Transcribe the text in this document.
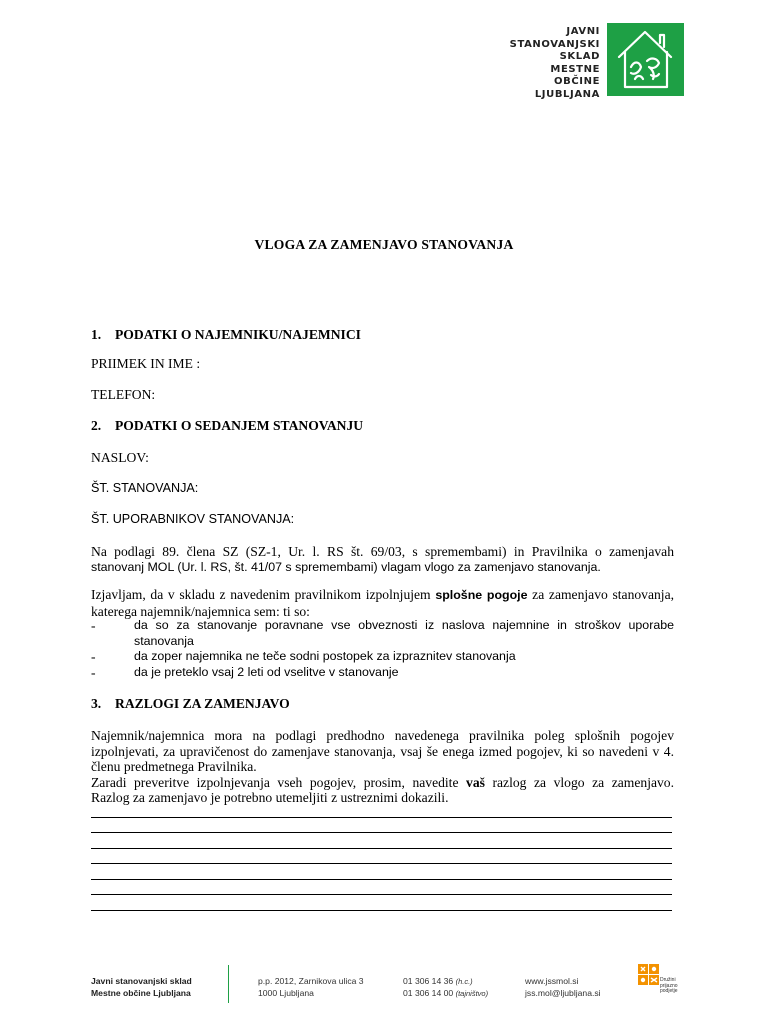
JAVNI
STANOVANJSKI
SKLAD
MESTNE
OBČINE
LJUBLJANA
VLOGA ZA ZAMENJAVO STANOVANJA
1. PODATKI O NAJEMNIKU/NAJEMNICI
PRIIMEK IN IME :
TELEFON:
2. PODATKI O SEDANJEM STANOVANJU
NASLOV:
ŠT. STANOVANJA:
ŠT. UPORABNIKOV STANOVANJA:
Na podlagi 89. člena SZ (SZ-1, Ur. l. RS št. 69/03, s spremembami) in Pravilnika o zamenjavah
stanovanj MOL (Ur. l. RS, št. 41/07 s spremembami) vlagam vlogo za zamenjavo stanovanja.
Izjavljam, da v skladu z navedenim pravilnikom izpolnjujem splošne pogoje za zamenjavo stanovanja,
katerega najemnik/najemnica sem: ti so:
-	da so za stanovanje poravnane vse obveznosti iz naslova najemnine in stroškov uporabe stanovanja
-	da zoper najemnika ne teče sodni postopek za izpraznitev stanovanja
-	da je preteklo vsaj 2 leti od vselitve v stanovanje
3. RAZLOGI ZA ZAMENJAVO
Najemnik/najemnica mora na podlagi predhodno navedenega pravilnika poleg splošnih pogojev izpolnjevati, za upravičenost do zamenjave stanovanja, vsaj še enega izmed pogojev, ki so navedeni v 4. členu predmetnega Pravilnika.
Zaradi preveritve izpolnjevanja vseh pogojev, prosim, navedite vaš razlog za vlogo za zamenjavo.
Razlog za zamenjavo je potrebno utemeljiti z ustreznimi dokazili.
Javni stanovanjski sklad
Mestne občine Ljubljana
p.p. 2012, Zarnikova ulica 3
1000 Ljubljana
01 306 14 36 (h.c.)
01 306 14 00 (tajništvo)
www.jssmol.si
jss.mol@ljubljana.si
Družini prijazno podjetje
